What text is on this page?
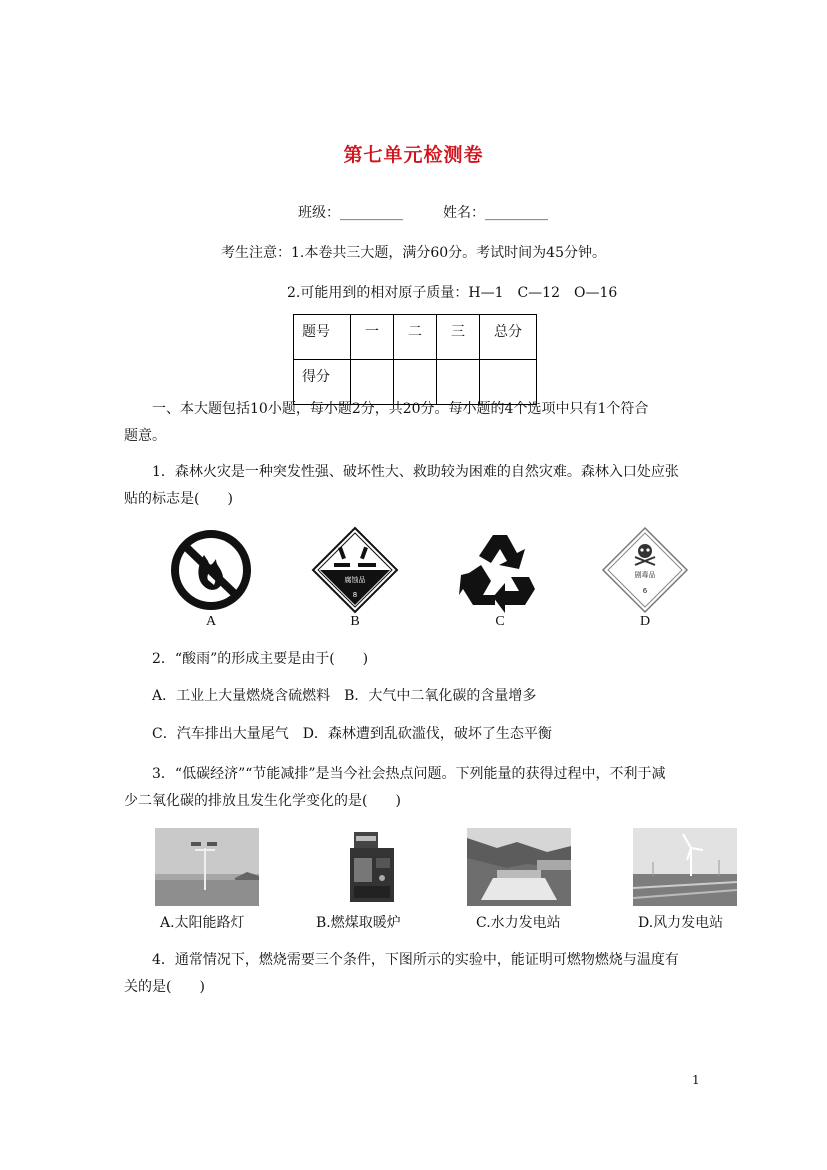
第七单元检测卷
班级：_________	姓名：_________
考生注意：1.本卷共三大题，满分60分。考试时间为45分钟。
2.可能用到的相对原子质量：H—1　C—12　O—16
题号	一	二	三	总分
得分				
一、本大题包括10小题，每小题2分，共20分。每小题的4个选项中只有1个符合
题意。
1．森林火灾是一种突发性强、破坏性大、救助较为困难的自然灾难。森林入口处应张
贴的标志是(　　)
腐蚀品
8
剧毒品
6
A	B	C	D
2．“酸雨”的形成主要是由于(　　)
A．工业上大量燃烧含硫燃料　B．大气中二氧化碳的含量增多
C．汽车排出大量尾气　D．森林遭到乱砍滥伐，破坏了生态平衡
3．“低碳经济”“节能减排”是当今社会热点问题。下列能量的获得过程中，不利于减
少二氧化碳的排放且发生化学变化的是(　　)
A.太阳能路灯	B.燃煤取暖炉	C.水力发电站	D.风力发电站
4．通常情况下，燃烧需要三个条件，下图所示的实验中，能证明可燃物燃烧与温度有
关的是(　　)
1
